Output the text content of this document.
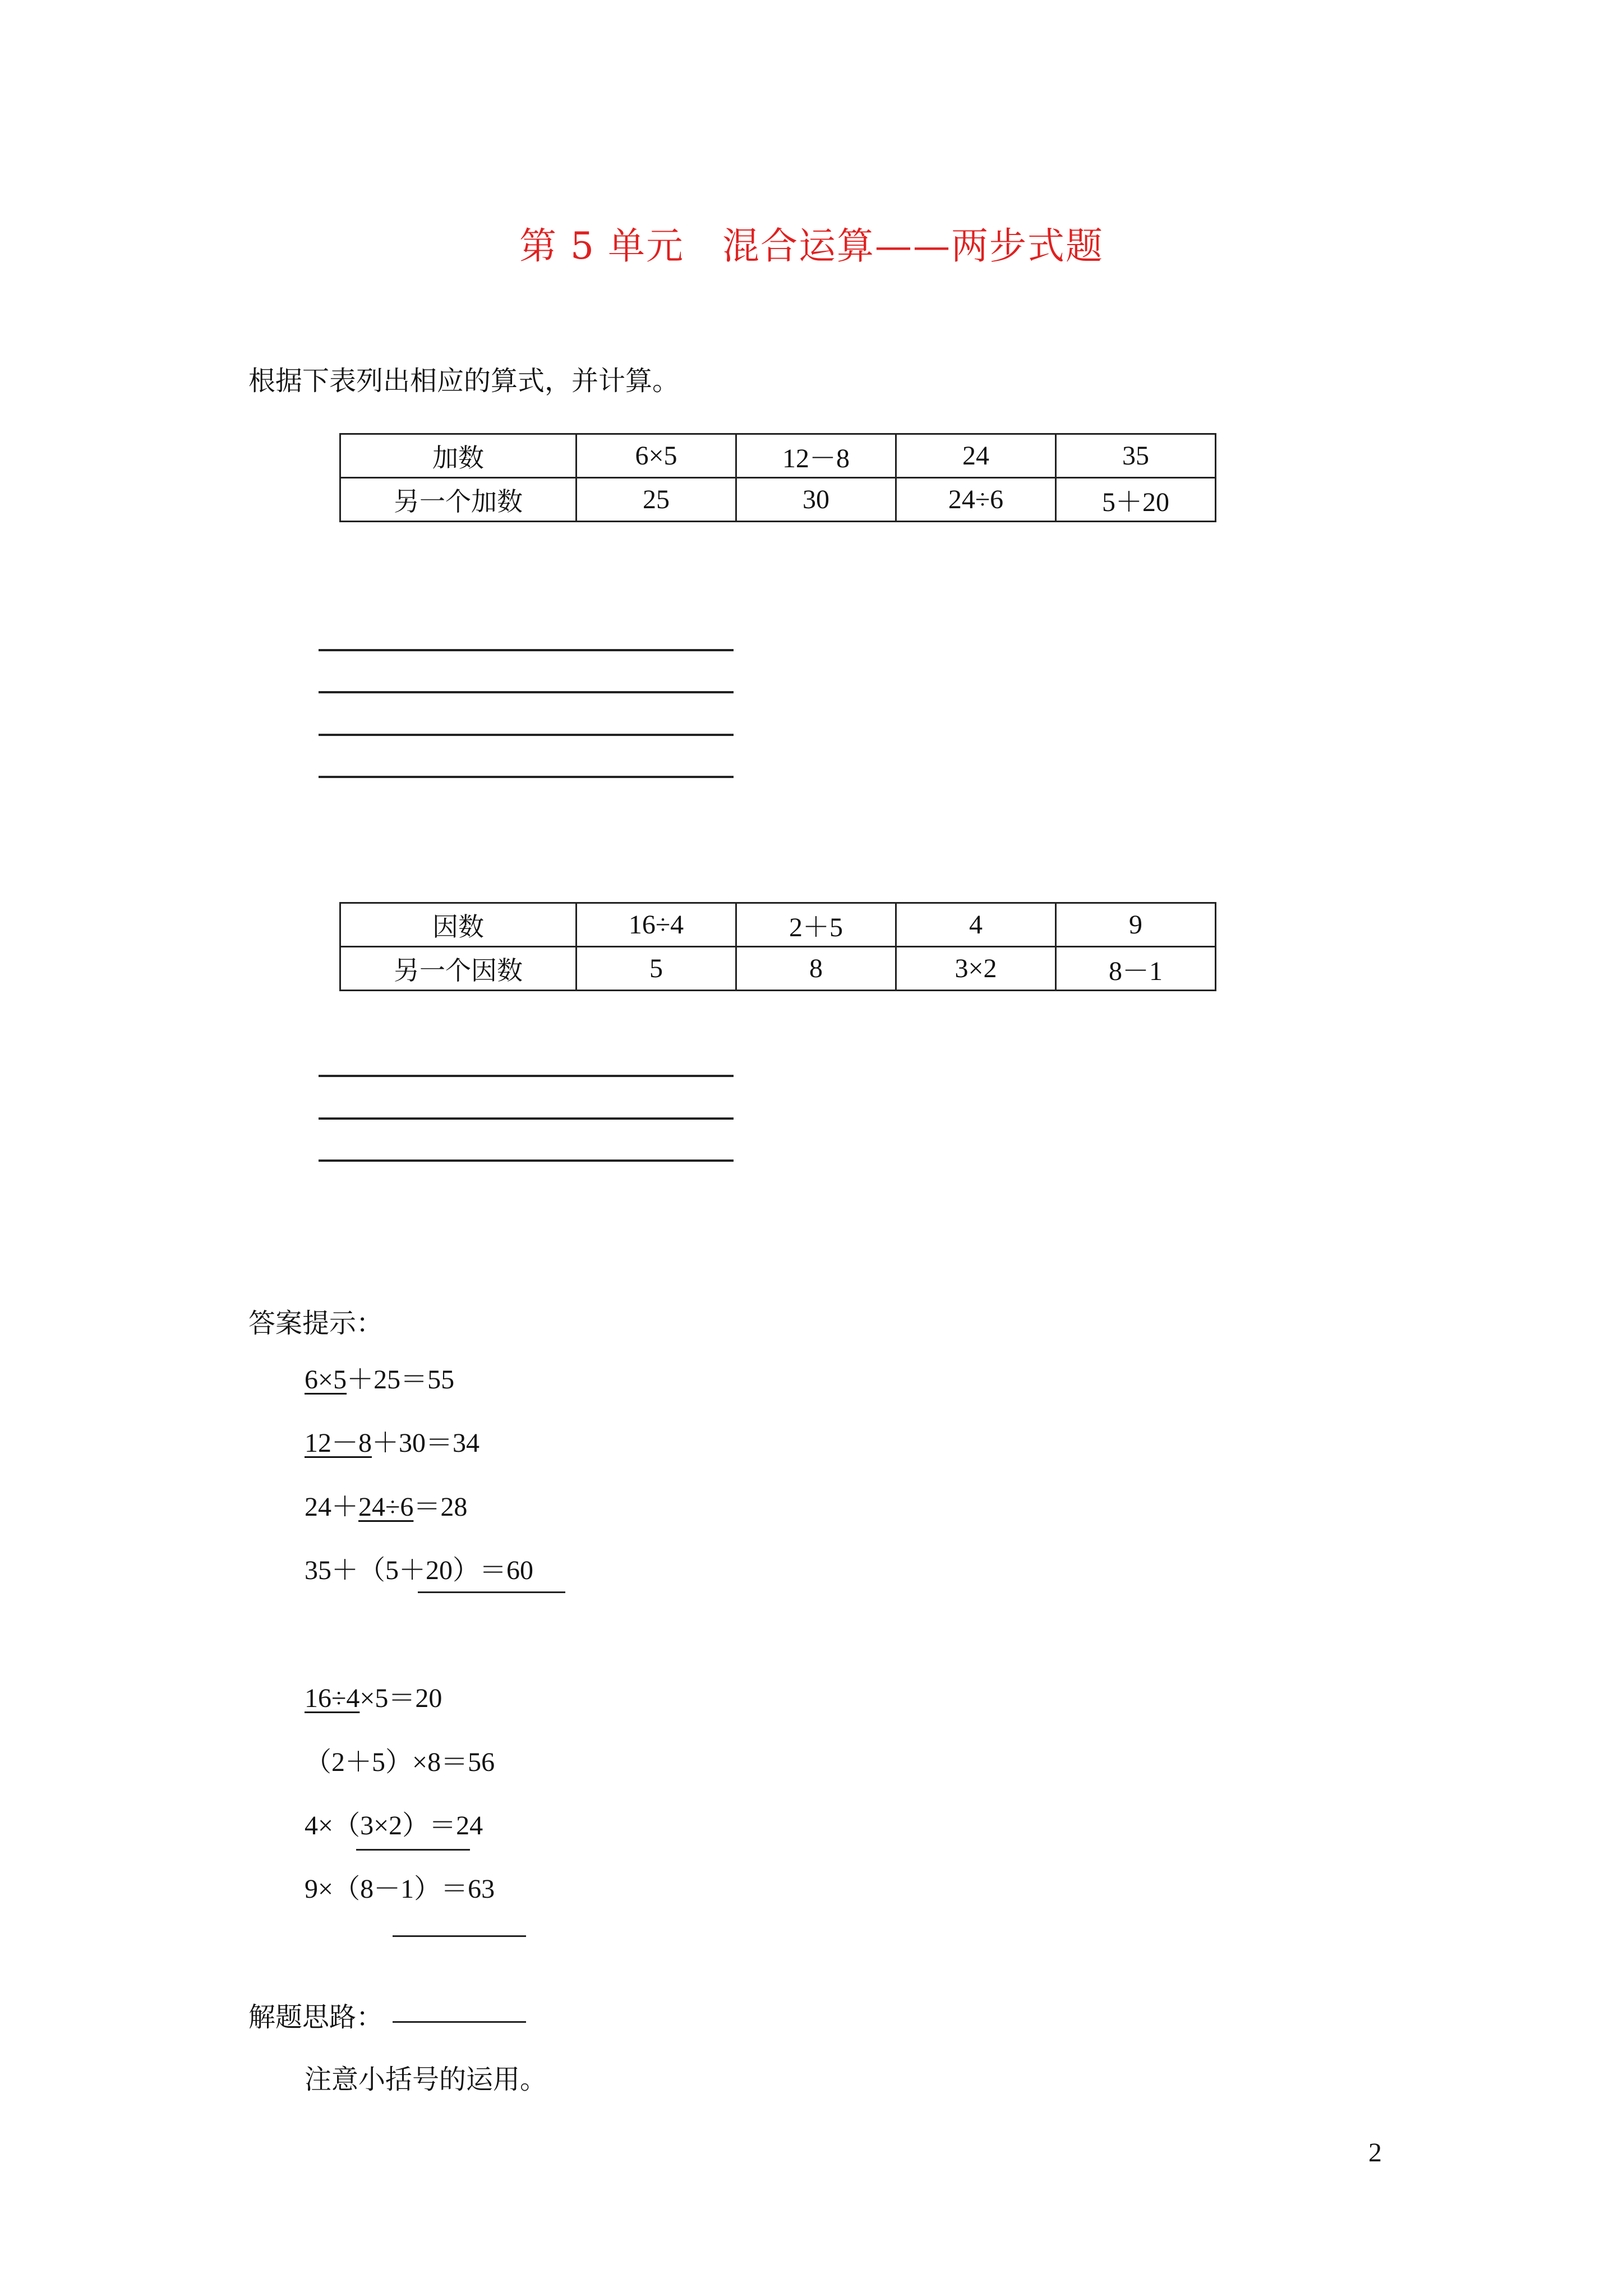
第 5 单元　混合运算——两步式题
根据下表列出相应的算式，并计算。
加数	6×5	12－8	24	35
另一个加数	25	30	24÷6	5＋20
因数	16÷4	2＋5	4	9
另一个因数	5	8	3×2	8－1
答案提示：
6×5＋25＝55
12－8＋30＝34
24＋24÷6＝28
35＋（5＋20）＝60
16÷4×5＝20
（2＋5）×8＝56
4×（3×2）＝24
9×（8－1）＝63
解题思路：
注意小括号的运用。
2
